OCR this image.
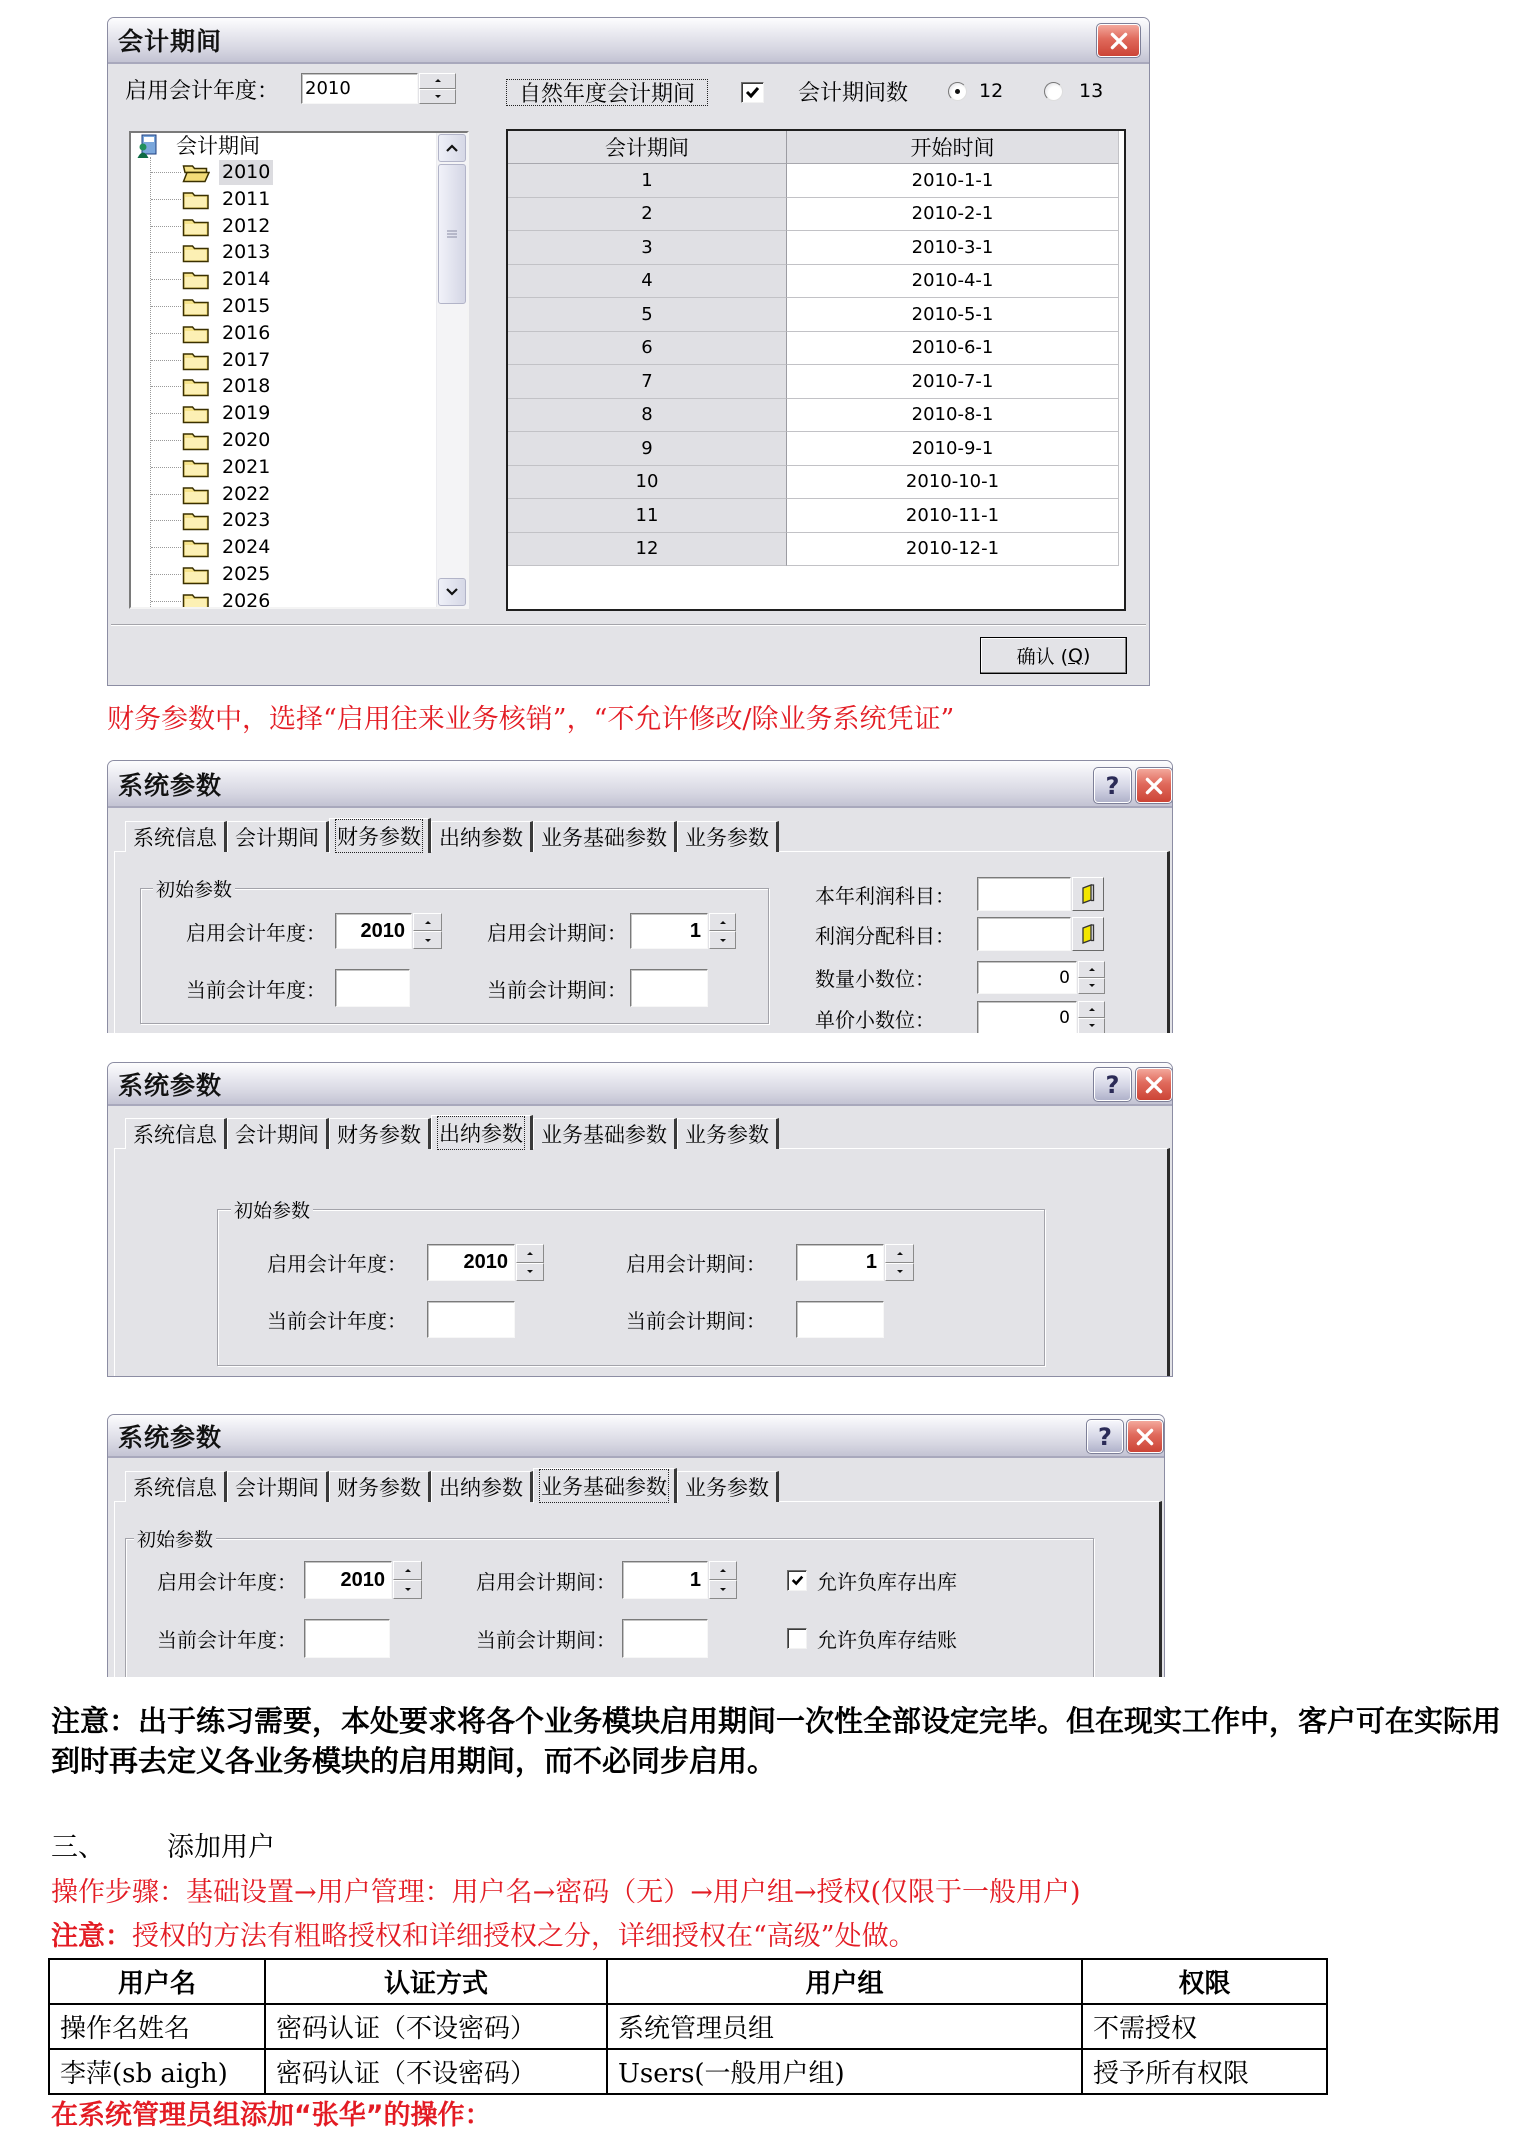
会计期间
启用会计年度： 2010	自然年度会计期间	会计期间数	12	13
会计期间
2010
2011
2012
2013
2014
2015
2016
2017
2018
2019
2020
2021
2022
2023
2024
2025
2026
会计期间	开始时间
1	2010-1-1
2	2010-2-1
3	2010-3-1
4	2010-4-1
5	2010-5-1
6	2010-6-1
7	2010-7-1
8	2010-8-1
9	2010-9-1
10	2010-10-1
11	2010-11-1
12	2010-12-1
确认 ( Q )
财务参数中，选择“启用往来业务核销”，“不允许修改/除业务系统凭证”
系统参数	?
系统信息 会计期间 财务参数 出纳参数 业务基础参数 业务参数
初始参数
启用会计年度：	2010	启用会计期间：	1
当前会计年度：	当前会计期间：
本年利润科目：
利润分配科目：
数量小数位：	0
单价小数位：	0
系统参数	?
系统信息 会计期间 财务参数 出纳参数 业务基础参数 业务参数
初始参数
启用会计年度：	2010	启用会计期间：	1
当前会计年度：	当前会计期间：
系统参数	?
系统信息 会计期间 财务参数 出纳参数 业务基础参数 业务参数
初始参数
启用会计年度：	2010	启用会计期间：	1	允许负库存出库
当前会计年度：	当前会计期间：	允许负库存结账
注意：出于练习需要，本处要求将各个业务模块启用期间一次性全部设定完毕。但在现实工作中，客户可在实际用
到时再去定义各业务模块的启用期间，而不必同步启用。
三、 添加用户
操作步骤：基础设置→用户管理：用户名→密码（无）→用户组→授权(仅限于一般用户)
注意：授权的方法有粗略授权和详细授权之分，详细授权在“高级”处做。
用户名	认证方式	用户组	权限
操作名姓名	密码认证（不设密码）	系统管理员组	不需授权
李萍(sb aigh)	密码认证（不设密码）	Users(一般用户组)	授予所有权限
在系统管理员组添加“张华”的操作：
